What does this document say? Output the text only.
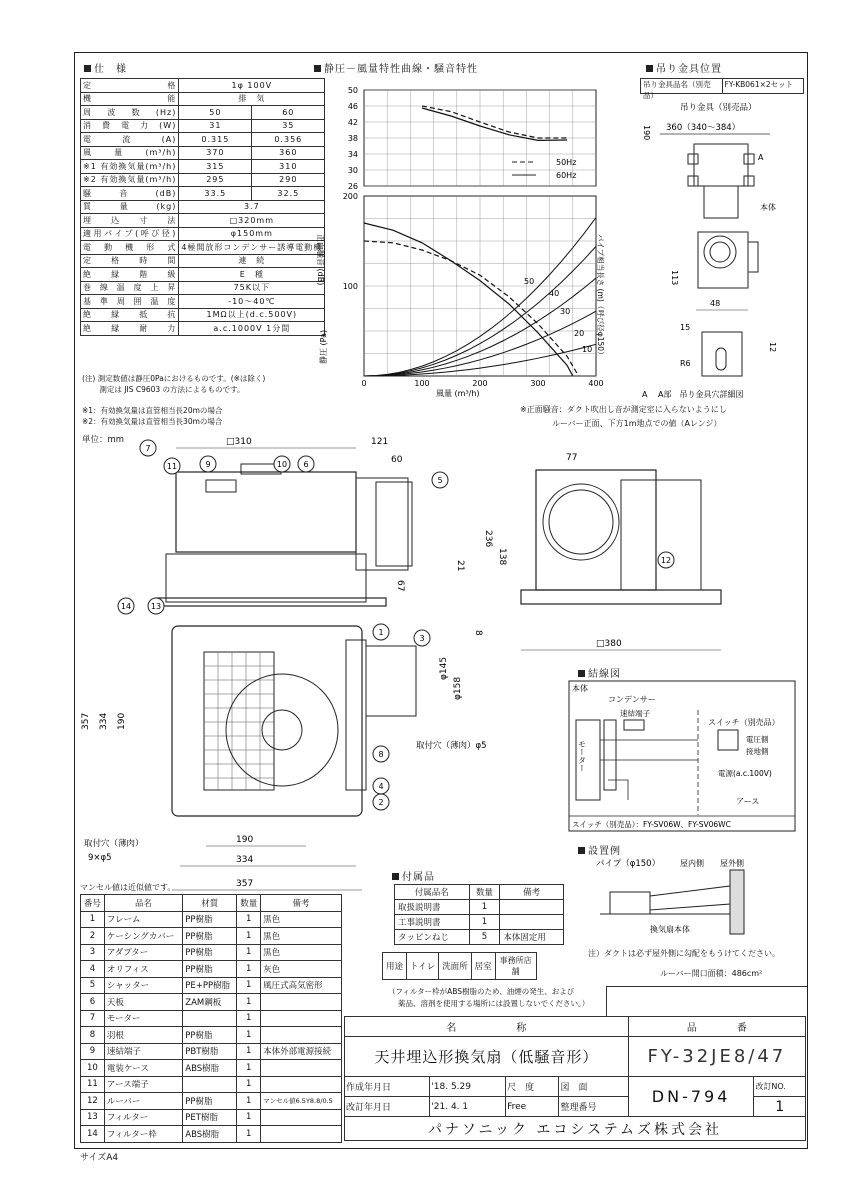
仕　様
定格	1φ 100V	
機能	排　気	
周波数(Hz)	50	60
消費電力(W)	31	35
電流(A)	0.315	0.356
風量(m³/h)	370	360
※1 有効換気量(m³/h)	315	310
※2 有効換気量(m³/h)	295	290
騒音(dB)	33.5	32.5
質量(kg)	3.7	
埋込寸法	□320mm	
適用パイプ(呼び径)	φ150mm	
電動機形式	4極開放形コンデンサー誘導電動機	
定格時間	連　続	
絶縁階級	E　種	
巻線温度上昇	75K以下	
基準周囲温度	-10～40℃	
絶縁抵抗	1MΩ以上(d.c.500V)	
絶縁耐力	a.c.1000V 1分間	
(注) 測定数値は静圧0Paにおけるものです。(※は除く)
　　 測定は JIS C9603 の方法によるものです。
※1：有効換気量は直管相当長20mの場合
※2：有効換気量は直管相当長30mの場合
単位：mm
静圧－風量特性曲線・騒音特性
26
30
34
38
42
46
50
100
200
0	100	200	300	400
50
40
30
20
10
正面騒音 (dB)
静圧 (Pa)
風量 (m³/h)
パイプ相当長さ (m)（呼び径φ150）
50Hz
60Hz
吊り金具位置
吊り金具品名（別売品）
FY-KB061×2セット
吊り金具（別売品）
360（340～384）
190
A
本体
113
48
15
12
R6
A A部　吊り金具穴詳細図
※正面騒音：ダクト吹出し音が測定室に入らないようにし
ルーバー正面、下方1m地点での値（Aレンジ）
□310	121
60
67
77
236
138
21
8
□380
φ145
φ158
取付穴（薄肉）φ5
357 334 190
190
334
357
取付穴（薄肉）
9×φ5
1
2
3
4
5
6
7
8
9	10
11
12
13
14
マンセル値は近似値です。
結線図
本体
コンデンサー
速結端子
モーター
スイッチ（別売品）
電圧側
接地側
電源(a.c.100V)
アース
スイッチ（別売品）：FY-SV06W、FY-SV06WC
設置例
パイプ（φ150） 屋内側 屋外側
換気扇本体
注）ダクトは必ず屋外側に勾配をもうけてください。
ルーバー開口面積：486cm²
付属品
付属品名	数量	備考
取扱説明書	1	
工事説明書	1	
タッピンねじ	5	本体固定用
用途	トイレ	洗面所	居室	事務所店舗
（フィルター枠がABS樹脂のため、油煙の発生、および
薬品、溶剤を使用する場所には設置しないでください。）
番号	品名	材質	数量	備考
1	フレーム	PP樹脂	1	黒色
2	ケーシングカバー	PP樹脂	1	黒色
3	アダプター	PP樹脂	1	黒色
4	オリフィス	PP樹脂	1	灰色
5	シャッター	PE+PP樹脂	1	風圧式高気密形
6	天板	ZAM鋼板	1	
7	モーター		1	
8	羽根	PP樹脂	1	
9	速結端子	PBT樹脂	1	本体外部電源接続
10	電装ケース	ABS樹脂	1	
11	アース端子		1	
12	ルーバー	PP樹脂	1	マンセル値6.5Y8.8/0.5
13	フィルター	PET樹脂	1	
14	フィルター枠	ABS樹脂	1	
名　　　　　　称				品　　　　番	
天井埋込形換気扇（低騒音形）				FY-32JE8/47	
作成年月日	'18. 5.29	尺　度	図　面	DN-794	改訂NO.
改訂年月日	'21. 4. 1	Free	整理番号		1
パナソニック エコシステムズ株式会社					
サイズA4
